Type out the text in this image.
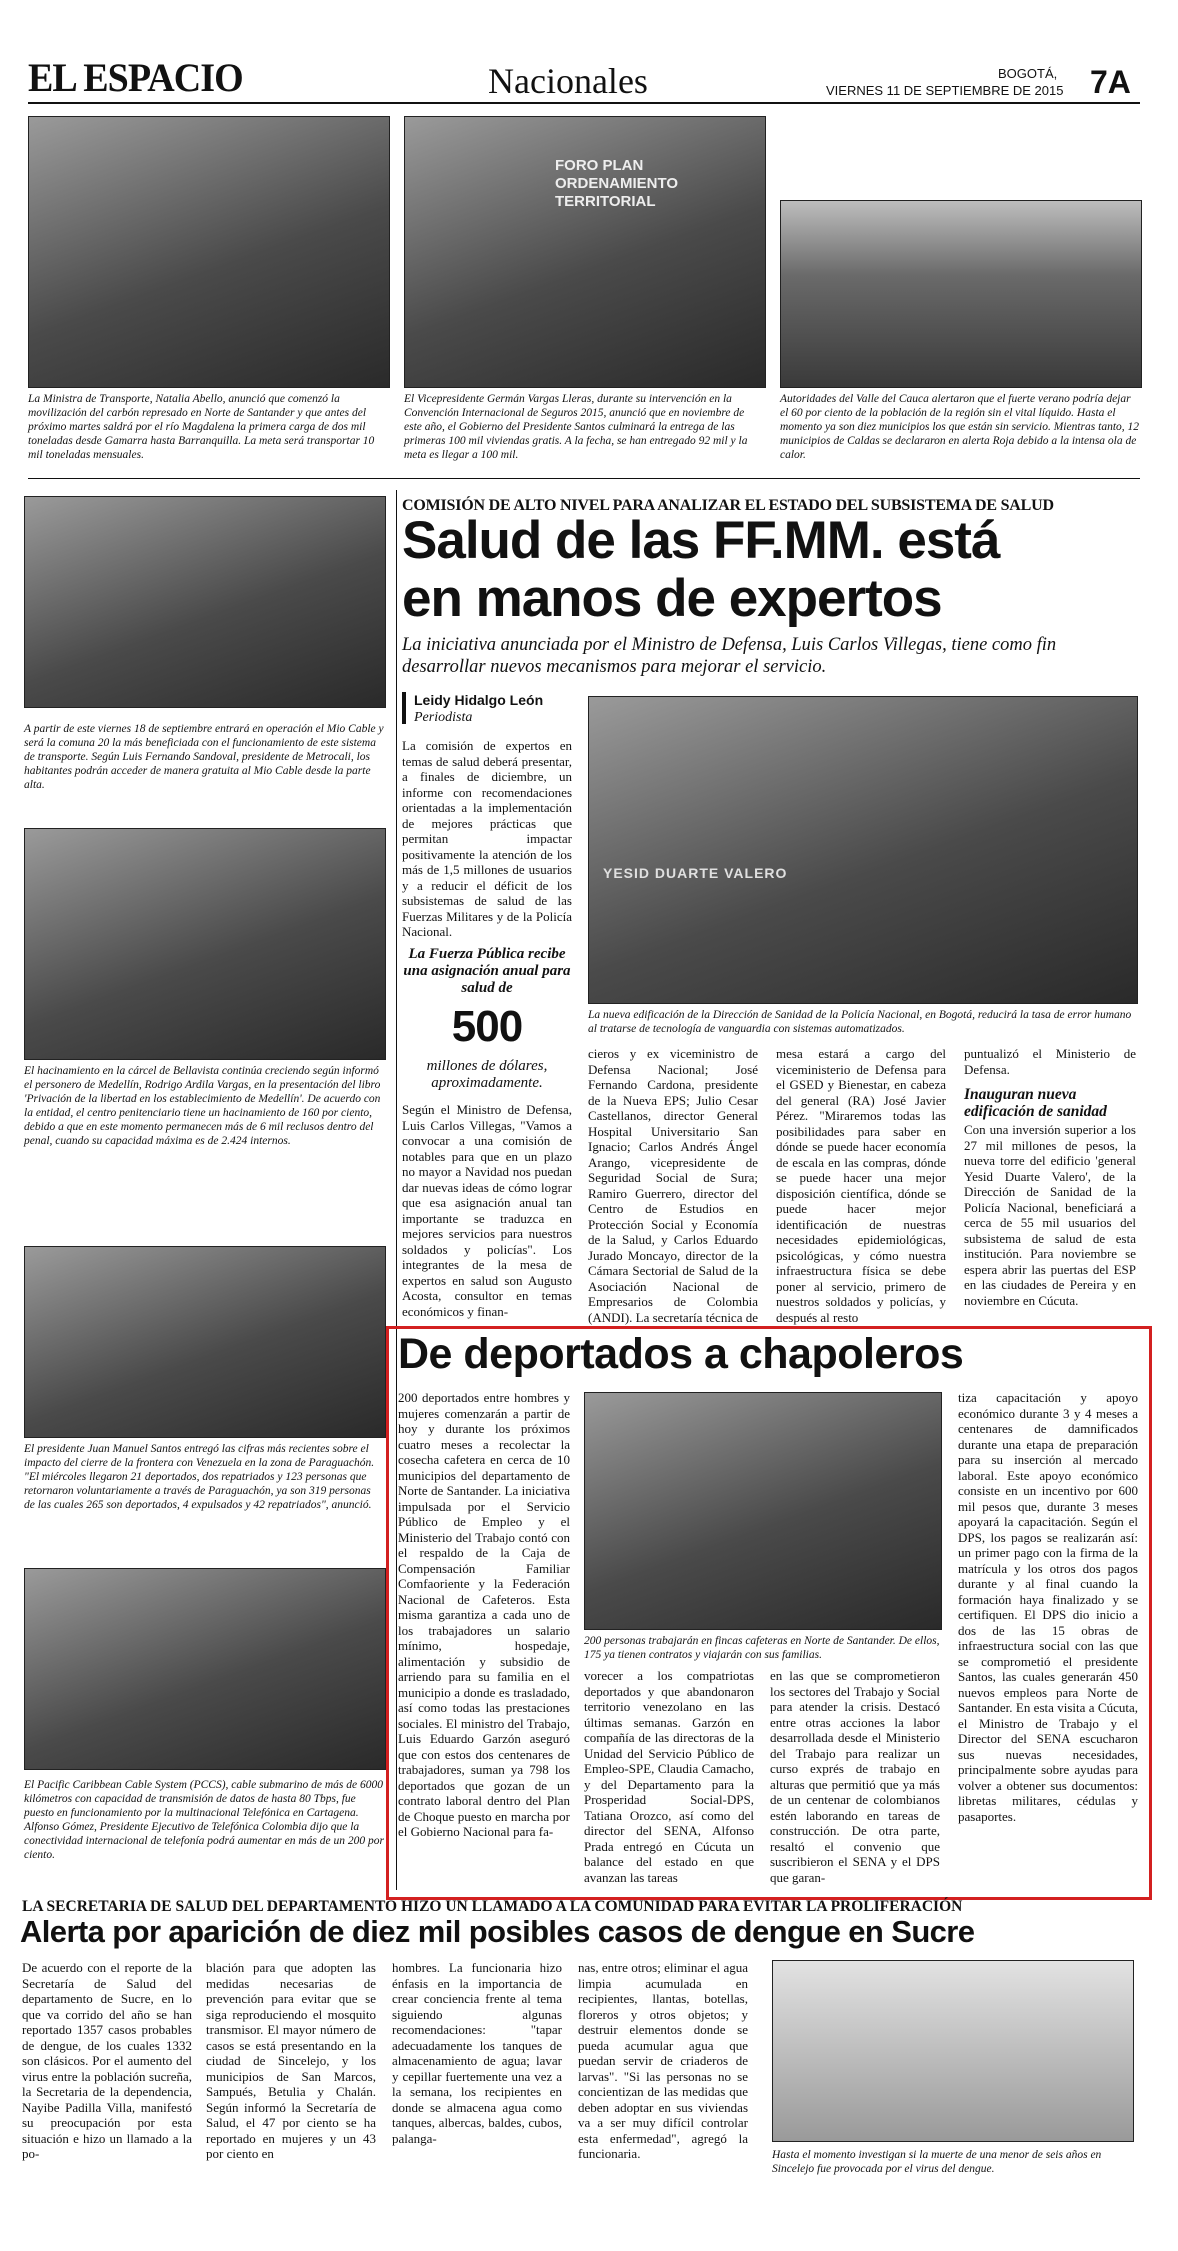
EL ESPACIO	Nacionales	BOGOTÁ,
VIERNES 11 DE SEPTIEMBRE DE 2015 7A

La Ministra de Transporte, Natalia Abello, anunció que comenzó la movilización del carbón represado en Norte de Santander y que antes del próximo martes saldrá por el río Magdalena la primera carga de dos mil toneladas desde Gamarra hasta Barranquilla. La meta será transportar 10 mil toneladas mensuales.

FORO PLAN ORDENAMIENTO TERRITORIAL

El Vicepresidente Germán Vargas Lleras, durante su intervención en la Convención Internacional de Seguros 2015, anunció que en noviembre de este año, el Gobierno del Presidente Santos culminará la entrega de las primeras 100 mil viviendas gratis. A la fecha, se han entregado 92 mil y la meta es llegar a 100 mil.

Autoridades del Valle del Cauca alertaron que el fuerte verano podría dejar el 60 por ciento de la población de la región sin el vital líquido. Hasta el momento ya son diez municipios los que están sin servicio. Mientras tanto, 12 municipios de Caldas se declararon en alerta Roja debido a la intensa ola de calor.

A partir de este viernes 18 de septiembre entrará en operación el Mio Cable y será la comuna 20 la más beneficiada con el funcionamiento de este sistema de transporte. Según Luis Fernando Sandoval, presidente de Metrocali, los habitantes podrán acceder de manera gratuita al Mio Cable desde la parte alta.

El hacinamiento en la cárcel de Bellavista continúa creciendo según informó el personero de Medellín, Rodrigo Ardila Vargas, en la presentación del libro 'Privación de la libertad en los establecimiento de Medellín'. De acuerdo con la entidad, el centro penitenciario tiene un hacinamiento de 160 por ciento, debido a que en este momento permanecen más de 6 mil reclusos dentro del penal, cuando su capacidad máxima es de 2.424 internos.

El presidente Juan Manuel Santos entregó las cifras más recientes sobre el impacto del cierre de la frontera con Venezuela en la zona de Paraguachón. "El miércoles llegaron 21 deportados, dos repatriados y 123 personas que retornaron voluntariamente a través de Paraguachón, ya son 319 personas de las cuales 265 son deportados, 4 expulsados y 42 repatriados", anunció.

El Pacific Caribbean Cable System (PCCS), cable submarino de más de 6000 kilómetros con capacidad de transmisión de datos de hasta 80 Tbps, fue puesto en funcionamiento por la multinacional Telefónica en Cartagena. Alfonso Gómez, Presidente Ejecutivo de Telefónica Colombia dijo que la conectividad internacional de telefonía podrá aumentar en más de un 200 por ciento.

COMISIÓN DE ALTO NIVEL PARA ANALIZAR EL ESTADO DEL SUBSISTEMA DE SALUD
Salud de las FF.MM. está
en manos de expertos

La iniciativa anunciada por el Ministro de Defensa, Luis Carlos Villegas, tiene como fin desarrollar nuevos mecanismos para mejorar el servicio.

Leidy Hidalgo León
Periodista

La comisión de expertos en temas de salud deberá presentar, a finales de diciembre, un informe con recomendaciones orientadas a la implementación de mejores prácticas que permitan impactar positivamente la atención de los más de 1,5 millones de usuarios y a reducir el déficit de los subsistemas de salud de las Fuerzas Militares y de la Policía Nacional.

La Fuerza Pública recibe una asignación anual para salud de

500

millones de dólares, aproximadamente.

Según el Ministro de Defensa, Luis Carlos Villegas, "Vamos a convocar a una comisión de notables para que en un plazo no mayor a Navidad nos puedan dar nuevas ideas de cómo lograr que esa asignación anual tan importante se traduzca en mejores servicios para nuestros soldados y policías". Los integrantes de la mesa de expertos en salud son Augusto Acosta, consultor en temas económicos y finan-

YESID DUARTE VALERO

La nueva edificación de la Dirección de Sanidad de la Policía Nacional, en Bogotá, reducirá la tasa de error humano al tratarse de tecnología de vanguardia con sistemas automatizados.

cieros y ex viceministro de Defensa Nacional; José Fernando Cardona, presidente de la Nueva EPS; Julio Cesar Castellanos, director General Hospital Universitario San Ignacio; Carlos Andrés Ángel Arango, vicepresidente de Seguridad Social de Sura; Ramiro Guerrero, director del Centro de Estudios en Protección Social y Economía de la Salud, y Carlos Eduardo Jurado Moncayo, director de la Cámara Sectorial de Salud de la Asociación Nacional de Empresarios de Colombia (ANDI). La secretaría técnica de

mesa estará a cargo del viceministerio de Defensa para el GSED y Bienestar, en cabeza del general (RA) José Javier Pérez. "Miraremos todas las posibilidades para saber en dónde se puede hacer economía de escala en las compras, dónde se puede hacer una mejor disposición científica, dónde se puede hacer mejor identificación de nuestras necesidades epidemiológicas, psicológicas, y cómo nuestra infraestructura física se debe poner al servicio, primero de nuestros soldados y policías, y después al resto

puntualizó el Ministerio de Defensa.

Inauguran nueva edificación de sanidad

Con una inversión superior a los 27 mil millones de pesos, la nueva torre del edificio 'general Yesid Duarte Valero', de la Dirección de Sanidad de la Policía Nacional, beneficiará a cerca de 55 mil usuarios del subsistema de salud de esta institución. Para noviembre se espera abrir las puertas del ESP en las ciudades de Pereira y en noviembre en Cúcuta.

De deportados a chapoleros

200 deportados entre hombres y mujeres comenzarán a partir de hoy y durante los próximos cuatro meses a recolectar la cosecha cafetera en cerca de 10 municipios del departamento de Norte de Santander. La iniciativa impulsada por el Servicio Público de Empleo y el Ministerio del Trabajo contó con el respaldo de la Caja de Compensación Familiar Comfaoriente y la Federación Nacional de Cafeteros. Esta misma garantiza a cada uno de los trabajadores un salario mínimo, hospedaje, alimentación y subsidio de arriendo para su familia en el municipio a donde es trasladado, así como todas las prestaciones sociales. El ministro del Trabajo, Luis Eduardo Garzón aseguró que con estos dos centenares de trabajadores, suman ya 798 los deportados que gozan de un contrato laboral dentro del Plan de Choque puesto en marcha por el Gobierno Nacional para fa-

200 personas trabajarán en fincas cafeteras en Norte de Santander. De ellos, 175 ya tienen contratos y viajarán con sus familias.

vorecer a los compatriotas deportados y que abandonaron territorio venezolano en las últimas semanas. Garzón en compañía de las directoras de la Unidad del Servicio Público de Empleo-SPE, Claudia Camacho, y del Departamento para la Prosperidad Social-DPS, Tatiana Orozco, así como del director del SENA, Alfonso Prada entregó en Cúcuta un balance del estado en que avanzan las tareas

en las que se comprometieron los sectores del Trabajo y Social para atender la crisis. Destacó entre otras acciones la labor desarrollada desde el Ministerio del Trabajo para realizar un curso exprés de trabajo en alturas que permitió que ya más de un centenar de colombianos estén laborando en tareas de construcción. De otra parte, resaltó el convenio que suscribieron el SENA y el DPS que garan-

tiza capacitación y apoyo económico durante 3 y 4 meses a centenares de damnificados durante una etapa de preparación para su inserción al mercado laboral. Este apoyo económico consiste en un incentivo por 600 mil pesos que, durante 3 meses apoyará la capacitación. Según el DPS, los pagos se realizarán así: un primer pago con la firma de la matrícula y los otros dos pagos durante y al final cuando la formación haya finalizado y se certifiquen. El DPS dio inicio a dos de las 15 obras de infraestructura social con las que se comprometió el presidente Santos, las cuales generarán 450 nuevos empleos para Norte de Santander. En esta visita a Cúcuta, el Ministro de Trabajo y el Director del SENA escucharon sus nuevas necesidades, principalmente sobre ayudas para volver a obtener sus documentos: libretas militares, cédulas y pasaportes.

LA SECRETARIA DE SALUD DEL DEPARTAMENTO HIZO UN LLAMADO A LA COMUNIDAD PARA EVITAR LA PROLIFERACIÓN
Alerta por aparición de diez mil posibles casos de dengue en Sucre

De acuerdo con el reporte de la Secretaría de Salud del departamento de Sucre, en lo que va corrido del año se han reportado 1357 casos probables de dengue, de los cuales 1332 son clásicos. Por el aumento del virus entre la población sucreña, la Secretaria de la dependencia, Nayibe Padilla Villa, manifestó su preocupación por esta situación e hizo un llamado a la po-

blación para que adopten las medidas necesarias de prevención para evitar que se siga reproduciendo el mosquito transmisor. El mayor número de casos se está presentando en la ciudad de Sincelejo, y los municipios de San Marcos, Sampués, Betulia y Chalán. Según informó la Secretaría de Salud, el 47 por ciento se ha reportado en mujeres y un 43 por ciento en

hombres. La funcionaria hizo énfasis en la importancia de crear conciencia frente al tema siguiendo algunas recomendaciones: "tapar adecuadamente los tanques de almacenamiento de agua; lavar y cepillar fuertemente una vez a la semana, los recipientes en donde se almacena agua como tanques, albercas, baldes, cubos, palanga-

nas, entre otros; eliminar el agua limpia acumulada en recipientes, llantas, botellas, floreros y otros objetos; y destruir elementos donde se pueda acumular agua que puedan servir de criaderos de larvas". "Si las personas no se concientizan de las medidas que deben adoptar en sus viviendas va a ser muy difícil controlar esta enfermedad", agregó la funcionaria.	Hasta el momento investigan si la muerte de una menor de seis años en Sincelejo fue provocada por el virus del dengue.
